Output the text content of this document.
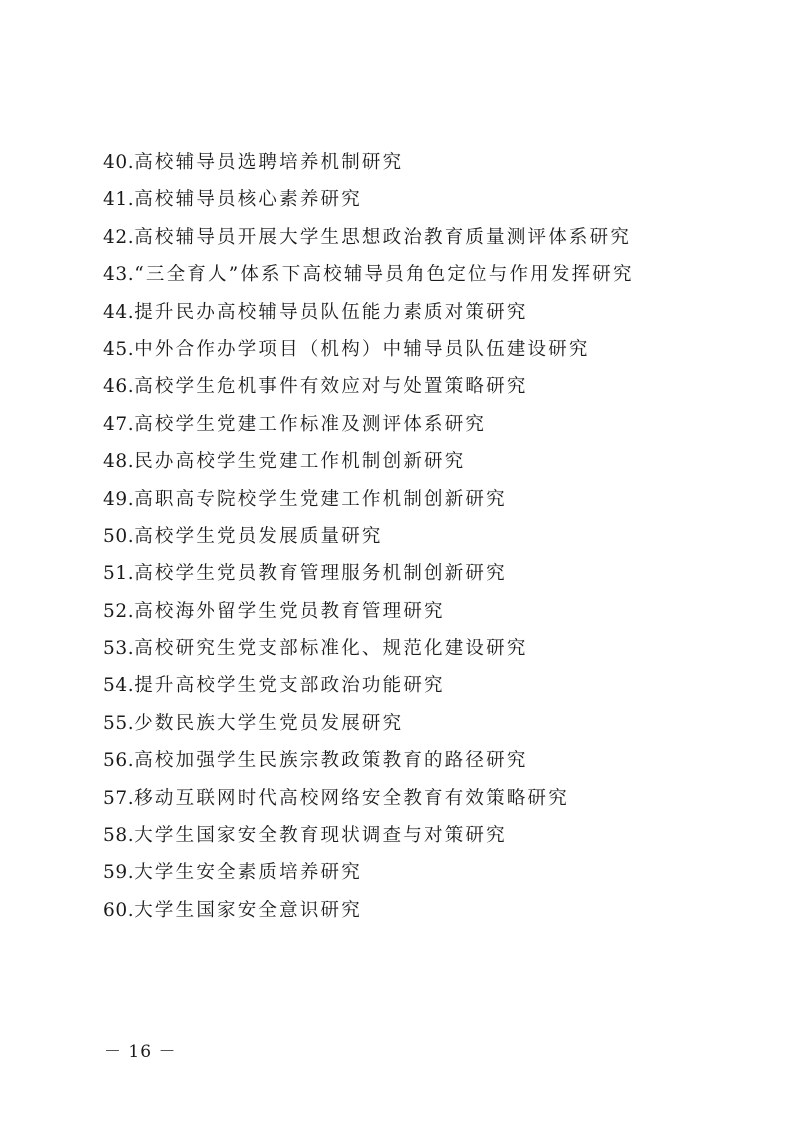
40.高校辅导员选聘培养机制研究
41.高校辅导员核心素养研究
42.高校辅导员开展大学生思想政治教育质量测评体系研究
43.“三全育人”体系下高校辅导员角色定位与作用发挥研究
44.提升民办高校辅导员队伍能力素质对策研究
45.中外合作办学项目（机构）中辅导员队伍建设研究
46.高校学生危机事件有效应对与处置策略研究
47.高校学生党建工作标准及测评体系研究
48.民办高校学生党建工作机制创新研究
49.高职高专院校学生党建工作机制创新研究
50.高校学生党员发展质量研究
51.高校学生党员教育管理服务机制创新研究
52.高校海外留学生党员教育管理研究
53.高校研究生党支部标准化、规范化建设研究
54.提升高校学生党支部政治功能研究
55.少数民族大学生党员发展研究
56.高校加强学生民族宗教政策教育的路径研究
57.移动互联网时代高校网络安全教育有效策略研究
58.大学生国家安全教育现状调查与对策研究
59.大学生安全素质培养研究
60.大学生国家安全意识研究
－ 16 －
